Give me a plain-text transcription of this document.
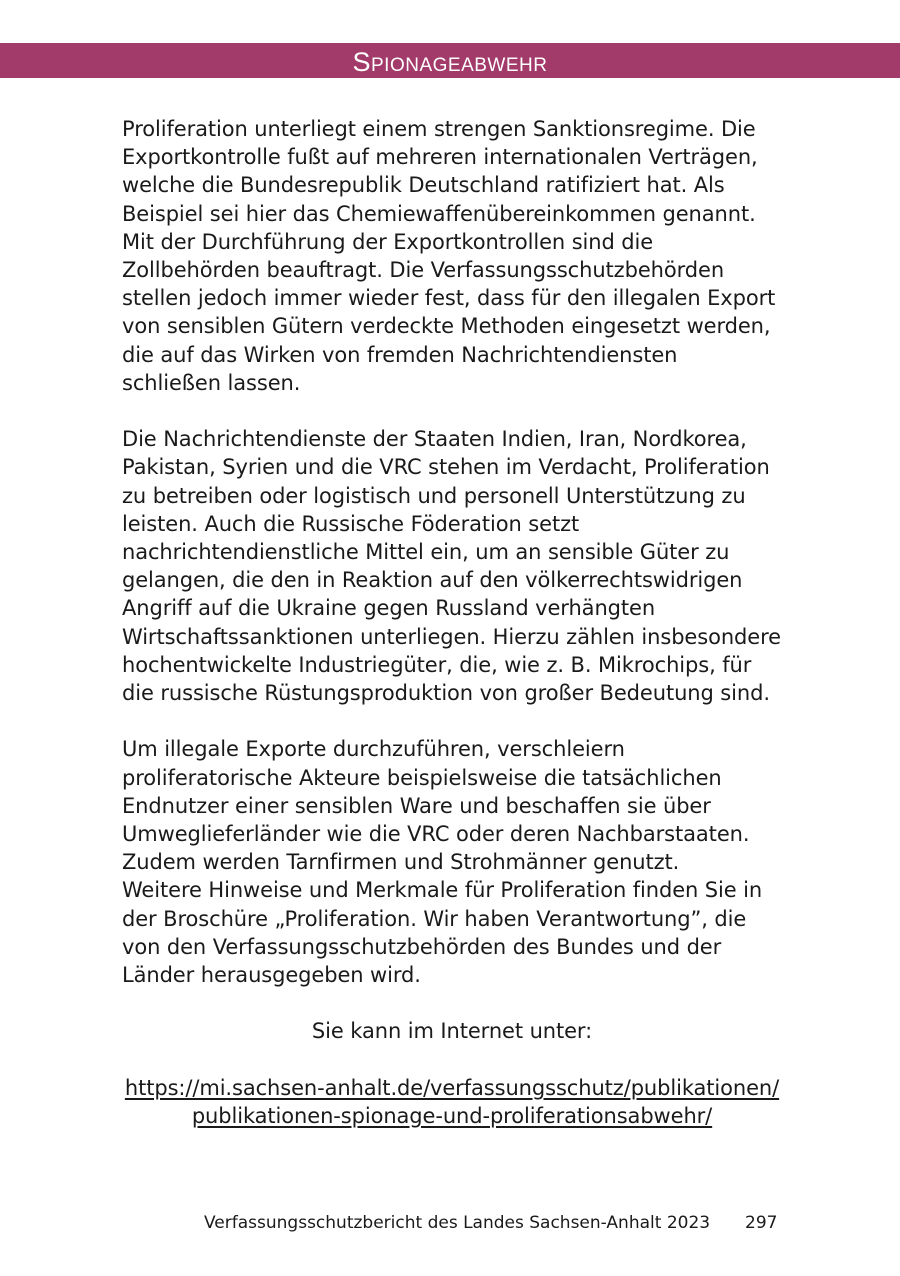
Spionageabwehr

Proliferation unterliegt einem strengen Sanktionsregime. Die Exportkontrolle fußt auf mehreren internationalen Verträgen, welche die Bundesrepublik Deutschland ratifiziert hat. Als Beispiel sei hier das Chemiewaffenübereinkommen genannt. Mit der Durchführung der Exportkontrollen sind die Zollbehörden beauftragt. Die Verfassungsschutzbehörden stellen jedoch immer wieder fest, dass für den illegalen Export von sensiblen Gütern verdeckte Methoden eingesetzt werden, die auf das Wirken von fremden Nachrichtendiensten schließen lassen.

Die Nachrichtendienste der Staaten Indien, Iran, Nordkorea, Pakistan, Syrien und die VRC stehen im Verdacht, Proliferation zu betreiben oder logistisch und personell Unterstützung zu leisten. Auch die Russische Föderation setzt nachrichtendienstliche Mittel ein, um an sensible Güter zu gelangen, die den in Reaktion auf den völkerrechtswidrigen Angriff auf die Ukraine gegen Russland verhängten Wirtschaftssanktionen unterliegen. Hierzu zählen insbesondere hochentwickelte Industriegüter, die, wie z. B. Mikrochips, für die russische Rüstungsproduktion von großer Bedeutung sind.

Um illegale Exporte durchzuführen, verschleiern proliferatorische Akteure beispielsweise die tatsächlichen Endnutzer einer sensiblen Ware und beschaffen sie über Umweglieferländer wie die VRC oder deren Nachbarstaaten. Zudem werden Tarnfirmen und Strohmänner genutzt.

Weitere Hinweise und Merkmale für Proliferation finden Sie in der Broschüre „Proliferation. Wir haben Verantwortung”, die von den Verfassungsschutzbehörden des Bundes und der Länder herausgegeben wird.

Sie kann im Internet unter:

https://mi.sachsen-anhalt.de/verfassungsschutz/publikationen/
publikationen-spionage-und-proliferationsabwehr/

Verfassungsschutzbericht des Landes Sachsen-Anhalt 2023 297
